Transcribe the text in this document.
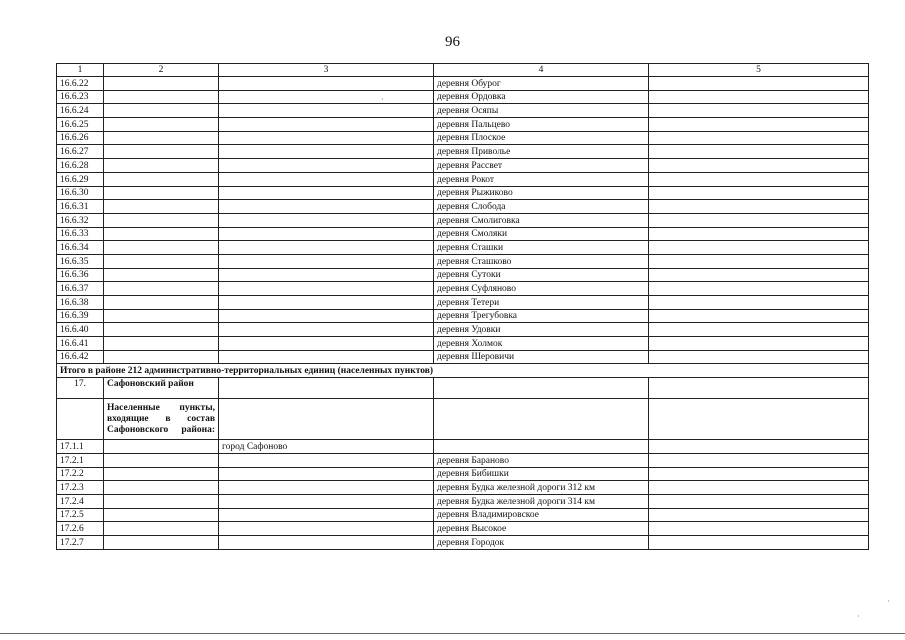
96
1	2	3	4	5
16.6.22			деревня Обурог	
16.6.23			деревня Ордовка	
16.6.24			деревня Осяпы	
16.6.25			деревня Пальцево	
16.6.26			деревня Плоское	
16.6.27			деревня Приволье	
16.6.28			деревня Рассвет	
16.6.29			деревня Рокот	
16.6.30			деревня Рыжиково	
16.6.31			деревня Слобода	
16.6.32			деревня Смолиговка	
16.6.33			деревня Смоляки	
16.6.34			деревня Сташки	
16.6.35			деревня Сташково	
16.6.36			деревня Сутоки	
16.6.37			деревня Суфляново	
16.6.38			деревня Тетери	
16.6.39			деревня Трегубовка	
16.6.40			деревня Удовки	
16.6.41			деревня Холмок	
16.6.42			деревня Шеровичи	
Итого в районе 212 административно-территориальных единиц (населенных пунктов)				
17.	Сафоновский район			
	Населенные пункты, входящие в состав Сафоновского района:			
17.1.1		город Сафоново		
17.2.1			деревня Бараново	
17.2.2			деревня Бибишки	
17.2.3			деревня Будка железной дороги 312 км	
17.2.4			деревня Будка железной дороги 314 км	
17.2.5			деревня Владимировское	
17.2.6			деревня Высокое	
17.2.7			деревня Городок	
·
·
·
